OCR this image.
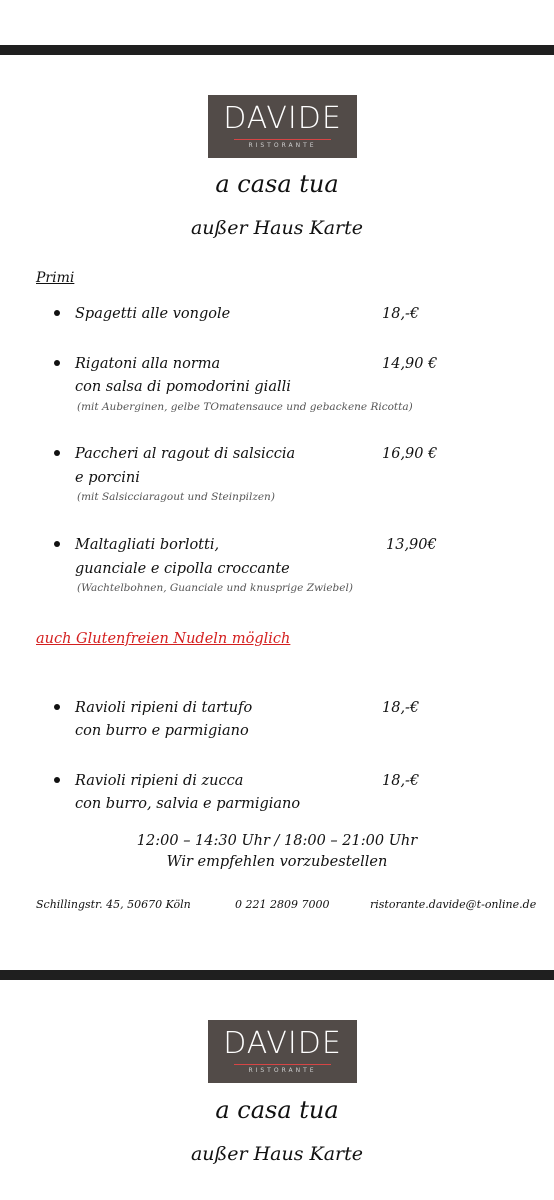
DAVIDE
RISTORANTE
a casa tua
außer Haus Karte
Primi
Spagetti alle vongole	18,-€
Rigatoni alla norma
con salsa di pomodorini gialli
(mit Auberginen, gelbe TOmatensauce und gebackene Ricotta)
14,90 €
Paccheri al ragout di salsiccia
e porcini
(mit Salsicciaragout und Steinpilzen)
16,90 €
Maltagliati borlotti,
guanciale e cipolla croccante
(Wachtelbohnen, Guanciale und knusprige Zwiebel)
13,90€
auch Glutenfreien Nudeln möglich
Ravioli ripieni di tartufo
con burro e parmigiano
18,-€
Ravioli ripieni di zucca
con burro, salvia e parmigiano
18,-€
12:00 – 14:30 Uhr / 18:00 – 21:00 Uhr
Wir empfehlen vorzubestellen
Schillingstr. 45, 50670 Köln	0 221 2809 7000	ristorante.davide@t-online.de
DAVIDE
RISTORANTE
a casa tua
außer Haus Karte
